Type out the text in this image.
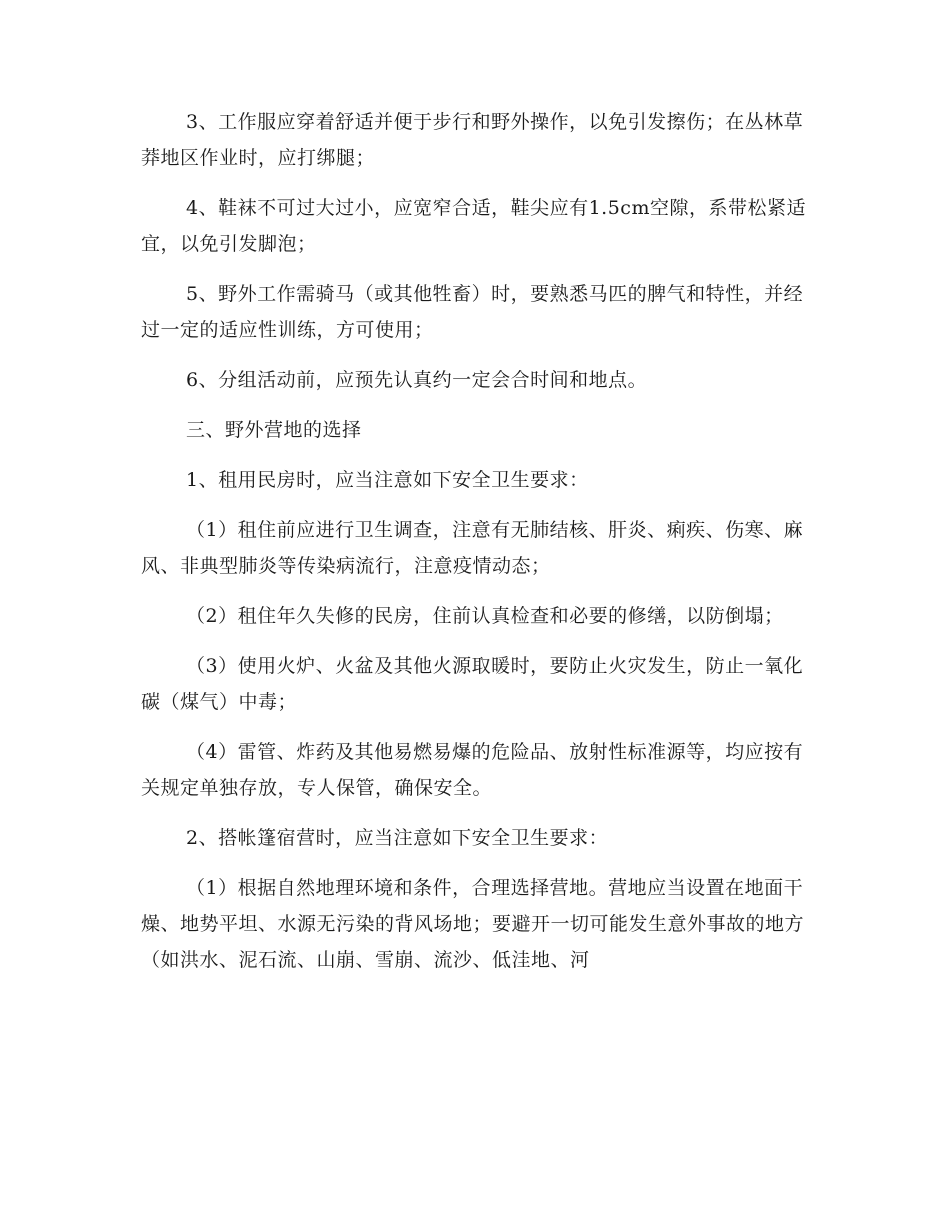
3、工作服应穿着舒适并便于步行和野外操作，以免引发擦伤；在丛林草莽地区作业时，应打绑腿；

4、鞋袜不可过大过小，应宽窄合适，鞋尖应有1.5cm空隙，系带松紧适宜，以免引发脚泡；

5、野外工作需骑马（或其他牲畜）时，要熟悉马匹的脾气和特性，并经过一定的适应性训练，方可使用；

6、分组活动前，应预先认真约一定会合时间和地点。

三、野外营地的选择

1、租用民房时，应当注意如下安全卫生要求：

（1）租住前应进行卫生调查，注意有无肺结核、肝炎、痢疾、伤寒、麻风、非典型肺炎等传染病流行，注意疫情动态；

（2）租住年久失修的民房，住前认真检查和必要的修缮，以防倒塌；

（3）使用火炉、火盆及其他火源取暖时，要防止火灾发生，防止一氧化碳（煤气）中毒；

（4）雷管、炸药及其他易燃易爆的危险品、放射性标准源等，均应按有关规定单独存放，专人保管，确保安全。

2、搭帐篷宿营时，应当注意如下安全卫生要求：

（1）根据自然地理环境和条件，合理选择营地。营地应当设置在地面干燥、地势平坦、水源无污染的背风场地；要避开一切可能发生意外事故的地方（如洪水、泥石流、山崩、雪崩、流沙、低洼地、河
